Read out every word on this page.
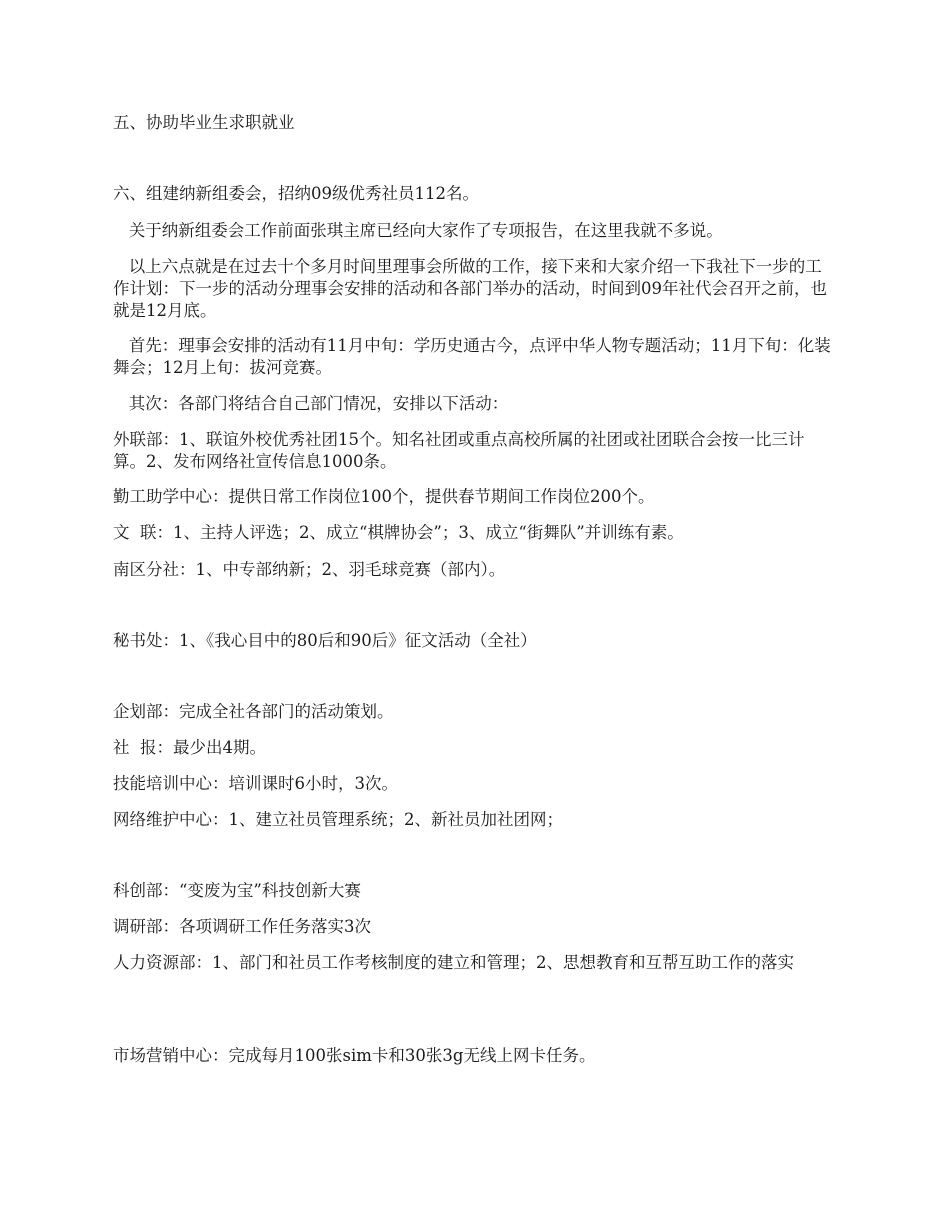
五、协助毕业生求职就业
六、组建纳新组委会，招纳09级优秀社员112名。
关于纳新组委会工作前面张琪主席已经向大家作了专项报告，在这里我就不多说。
以上六点就是在过去十个多月时间里理事会所做的工作，接下来和大家介绍一下我社下一步的工作计划：下一步的活动分理事会安排的活动和各部门举办的活动，时间到09年社代会召开之前，也就是12月底。
首先：理事会安排的活动有11月中旬：学历史通古今，点评中华人物专题活动；11月下旬：化装舞会；12月上旬：拔河竞赛。
其次：各部门将结合自己部门情况，安排以下活动：
外联部：1、联谊外校优秀社团15个。知名社团或重点高校所属的社团或社团联合会按一比三计算。2、发布网络社宣传信息1000条。
勤工助学中心：提供日常工作岗位100个，提供春节期间工作岗位200个。
文  联：1、主持人评选；2、成立“棋牌协会”；3、成立“街舞队”并训练有素。
南区分社：1、中专部纳新；2、羽毛球竞赛（部内）。
秘书处：1、《我心目中的80后和90后》征文活动（全社）
企划部：完成全社各部门的活动策划。
社  报：最少出4期。
技能培训中心：培训课时6小时，3次。
网络维护中心：1、建立社员管理系统；2、新社员加社团网；
科创部：“变废为宝”科技创新大赛
调研部：各项调研工作任务落实3次
人力资源部：1、部门和社员工作考核制度的建立和管理；2、思想教育和互帮互助工作的落实
市场营销中心：完成每月100张sim卡和30张3g无线上网卡任务。
